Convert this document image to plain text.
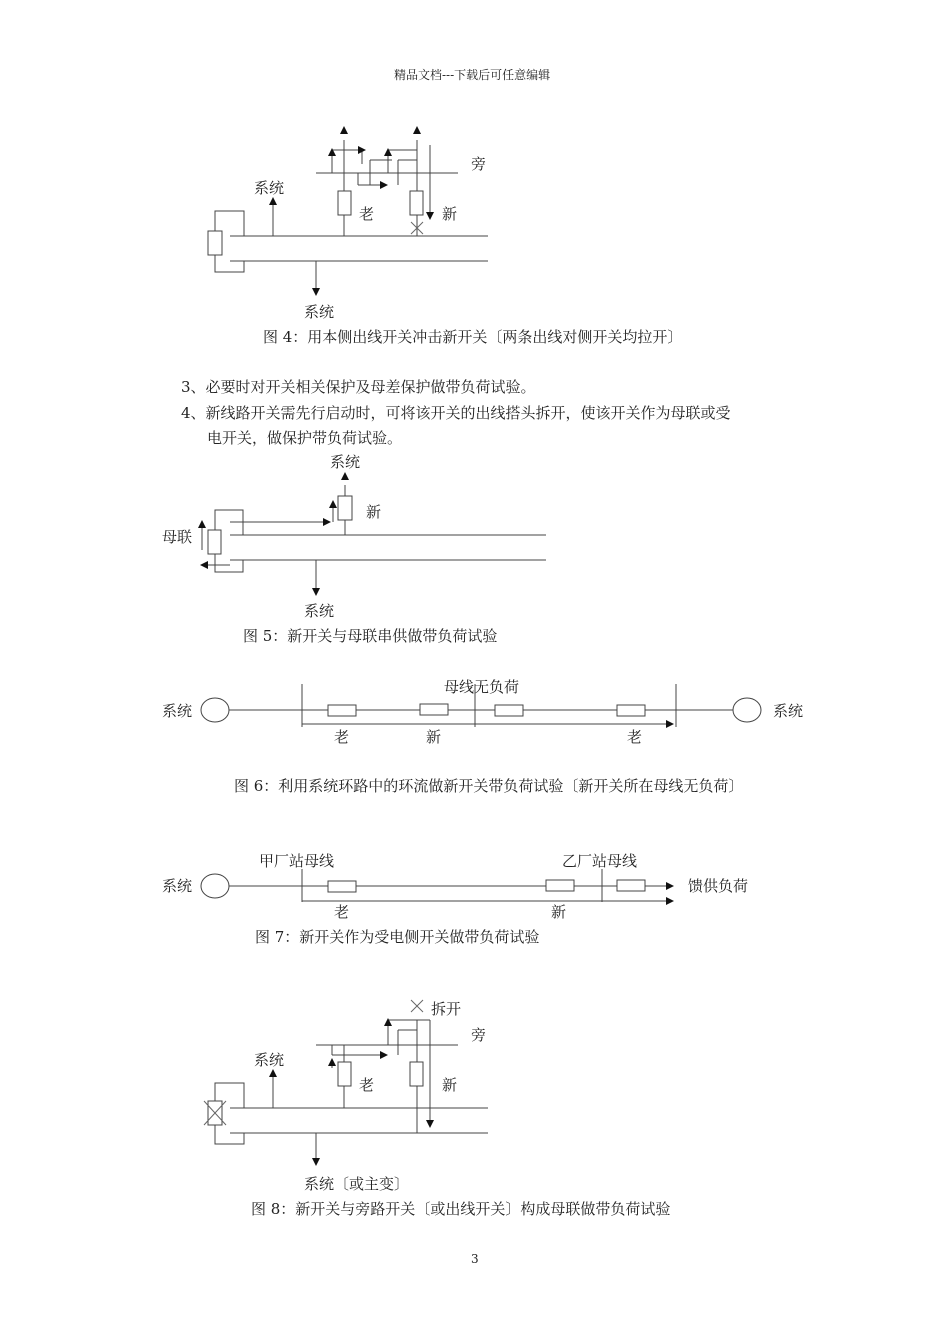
精品文档---下载后可任意编辑
旁
系统
老	新
系统
图 4：用本侧出线开关冲击新开关〔两条出线对侧开关均拉开〕
3、必要时对开关相关保护及母差保护做带负荷试验。
4、新线路开关需先行启动时，可将该开关的出线搭头拆开，使该开关作为母联或受
电开关，做保护带负荷试验。
系统
新
母联
系统
图 5：新开关与母联串供做带负荷试验
母线无负荷
系统	系统
老	新	老
图 6：利用系统环路中的环流做新开关带负荷试验〔新开关所在母线无负荷〕
甲厂站母线	乙厂站母线
系统	馈供负荷
老	新
图 7：新开关作为受电侧开关做带负荷试验
拆开
旁
系统
老	新
系统〔或主变〕
图 8：新开关与旁路开关〔或出线开关〕构成母联做带负荷试验
3
